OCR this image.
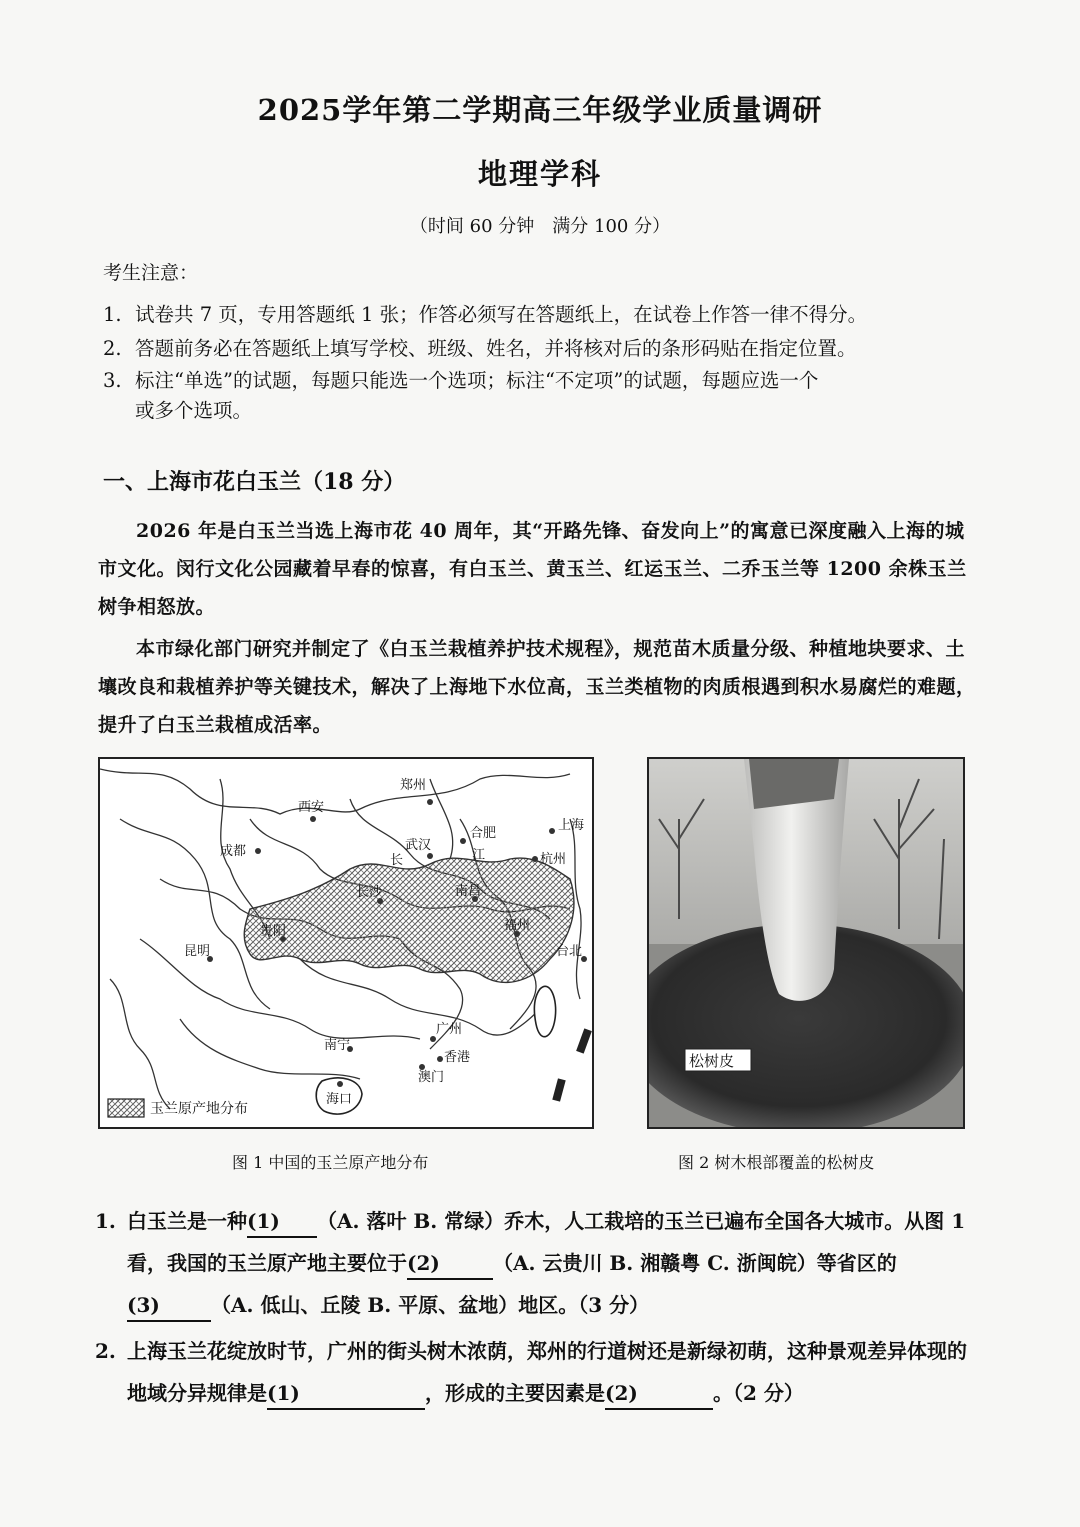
2025学年第二学期高三年级学业质量调研
地理学科
（时间 60 分钟　满分 100 分）
考生注意：
1. 试卷共 7 页，专用答题纸 1 张；作答必须写在答题纸上，在试卷上作答一律不得分。
2. 答题前务必在答题纸上填写学校、班级、姓名，并将核对后的条形码贴在指定位置。
3. 标注“单选”的试题，每题只能选一个选项；标注“不定项”的试题，每题应选一个
或多个选项。
一、上海市花白玉兰（18 分）
2026 年是白玉兰当选上海市花 40 周年，其“开路先锋、奋发向上”的寓意已深度融入上海的城市文化。闵行文化公园藏着早春的惊喜，有白玉兰、黄玉兰、红运玉兰、二乔玉兰等 1200 余株玉兰树争相怒放。
本市绿化部门研究并制定了《白玉兰栽植养护技术规程》，规范苗木质量分级、种植地块要求、土壤改良和栽植养护等关键技术，解决了上海地下水位高，玉兰类植物的肉质根遇到积水易腐烂的难题，提升了白玉兰栽植成活率。
玉兰原产地分布
西安
郑州
合肥
成都	武汉
上海
杭州
长沙	南昌
贵阳	福州
昆明	台北
广州
南宁
香港
澳门
海口
江
长
图 1 中国的玉兰原产地分布
松树皮
图 2 树木根部覆盖的松树皮
1. 白玉兰是一种(1) （A. 落叶 B. 常绿）乔木，人工栽培的玉兰已遍布全国各大城市。从图 1 看，我国的玉兰原产地主要位于(2)	（A. 云贵川 B. 湘赣粤 C. 浙闽皖）等省区的(3)	（A. 低山、丘陵 B. 平原、盆地）地区。（3 分）
2. 上海玉兰花绽放时节，广州的街头树木浓荫，郑州的行道树还是新绿初萌，这种景观差异体现的地域分异规律是(1)	，形成的主要因素是(2)	。（2 分）
